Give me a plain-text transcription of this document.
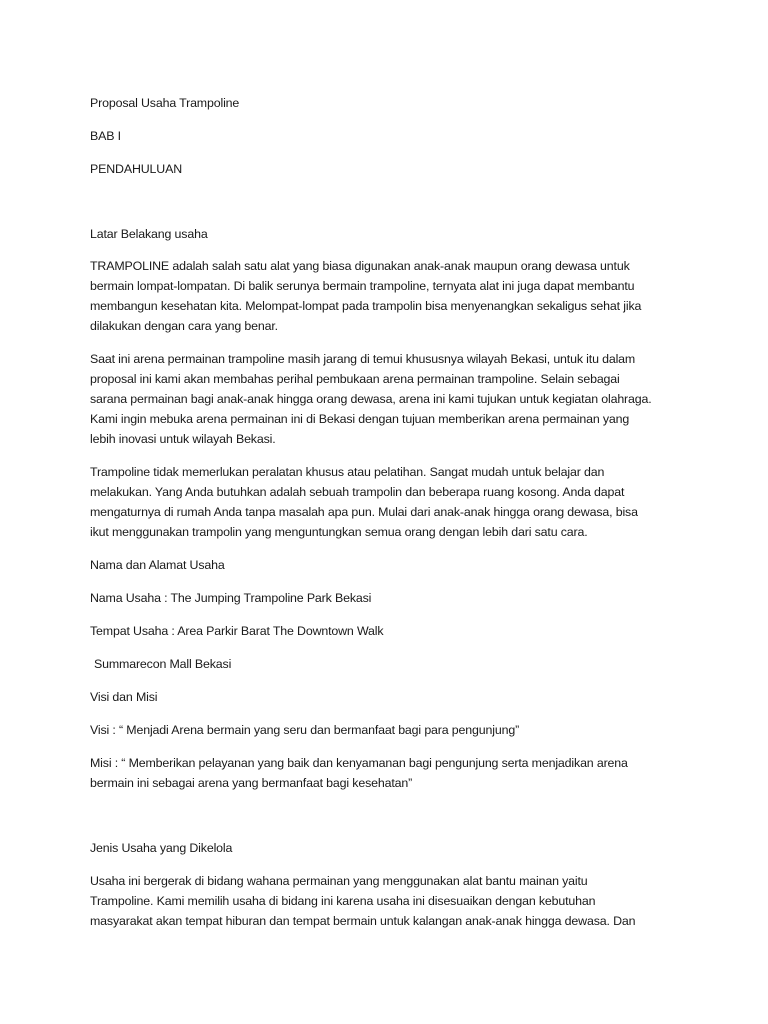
Proposal Usaha Trampoline
BAB I
PENDAHULUAN
Latar Belakang usaha
TRAMPOLINE adalah salah satu alat yang biasa digunakan anak-anak maupun orang dewasa untuk
bermain lompat-lompatan. Di balik serunya bermain trampoline, ternyata alat ini juga dapat membantu
membangun kesehatan kita. Melompat-lompat pada trampolin bisa menyenangkan sekaligus sehat jika
dilakukan dengan cara yang benar.
Saat ini arena permainan trampoline masih jarang di temui khususnya wilayah Bekasi, untuk itu dalam
proposal ini kami akan membahas perihal pembukaan arena permainan trampoline. Selain sebagai
sarana permainan bagi anak-anak hingga orang dewasa, arena ini kami tujukan untuk kegiatan olahraga.
Kami ingin mebuka arena permainan ini di Bekasi dengan tujuan memberikan arena permainan yang
lebih inovasi untuk wilayah Bekasi.
Trampoline tidak memerlukan peralatan khusus atau pelatihan. Sangat mudah untuk belajar dan
melakukan. Yang Anda butuhkan adalah sebuah trampolin dan beberapa ruang kosong. Anda dapat
mengaturnya di rumah Anda tanpa masalah apa pun. Mulai dari anak-anak hingga orang dewasa, bisa
ikut menggunakan trampolin yang menguntungkan semua orang dengan lebih dari satu cara.
Nama dan Alamat Usaha
Nama Usaha : The Jumping Trampoline Park Bekasi
Tempat Usaha : Area Parkir Barat The Downtown Walk
Summarecon Mall Bekasi
Visi dan Misi
Visi : “ Menjadi Arena bermain yang seru dan bermanfaat bagi para pengunjung”
Misi : “ Memberikan pelayanan yang baik dan kenyamanan bagi pengunjung serta menjadikan arena
bermain ini sebagai arena yang bermanfaat bagi kesehatan”
Jenis Usaha yang Dikelola
Usaha ini bergerak di bidang wahana permainan yang menggunakan alat bantu mainan yaitu
Trampoline. Kami memilih usaha di bidang ini karena usaha ini disesuaikan dengan kebutuhan
masyarakat akan tempat hiburan dan tempat bermain untuk kalangan anak-anak hingga dewasa. Dan
